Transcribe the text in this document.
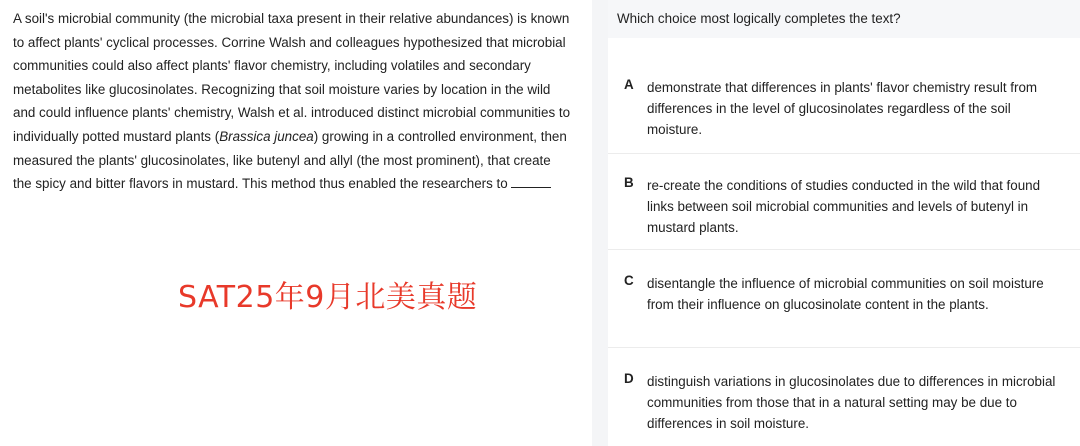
A soil's microbial community (the microbial taxa present in their relative abundances) is known to affect plants' cyclical processes. Corrine Walsh and colleagues hypothesized that microbial communities could also affect plants' flavor chemistry, including volatiles and secondary metabolites like glucosinolates. Recognizing that soil moisture varies by location in the wild and could influence plants' chemistry, Walsh et al. introduced distinct microbial communities to individually potted mustard plants (Brassica juncea) growing in a controlled environment, then measured the plants' glucosinolates, like butenyl and allyl (the most prominent), that create the spicy and bitter flavors in mustard. This method thus enabled the researchers to

SAT25年9月北美真题
Which choice most logically completes the text?
A demonstrate that differences in plants' flavor chemistry result from differences in the level of glucosinolates regardless of the soil moisture.
B re-create the conditions of studies conducted in the wild that found links between soil microbial communities and levels of butenyl in mustard plants.
C disentangle the influence of microbial communities on soil moisture from their influence on glucosinolate content in the plants.
D distinguish variations in glucosinolates due to differences in microbial communities from those that in a natural setting may be due to differences in soil moisture.
